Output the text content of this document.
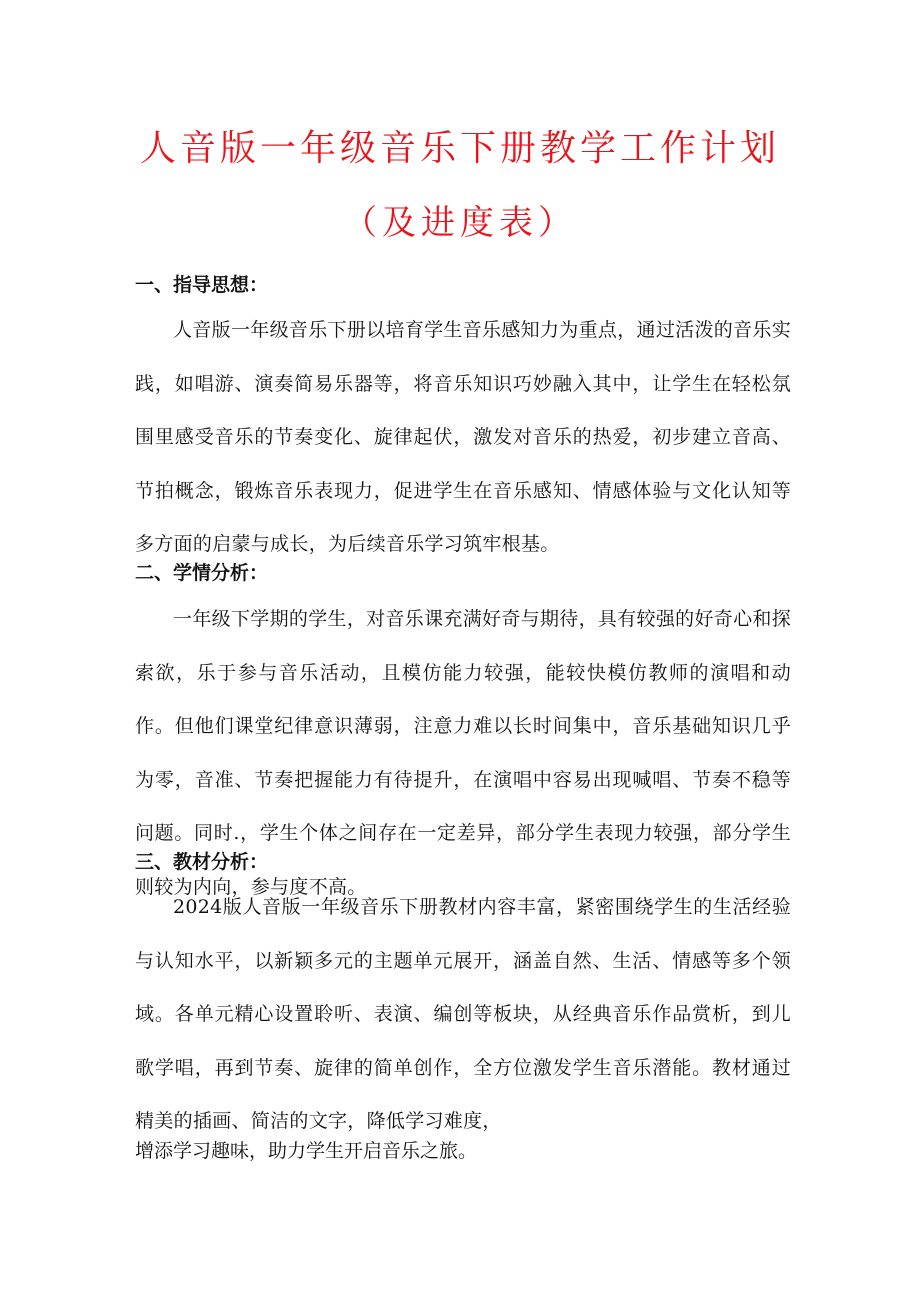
人音版一年级音乐下册教学工作计划
（及进度表）
一、指导思想：

人音版一年级音乐下册以培育学生音乐感知力为重点，通过活泼的音乐实践，如唱游、演奏简易乐器等，将音乐知识巧妙融入其中，让学生在轻松氛围里感受音乐的节奏变化、旋律起伏，激发对音乐的热爱，初步建立音高、节拍概念，锻炼音乐表现力，促进学生在音乐感知、情感体验与文化认知等多方面的启蒙与成长，为后续音乐学习筑牢根基。

二、学情分析：

一年级下学期的学生，对音乐课充满好奇与期待，具有较强的好奇心和探索欲，乐于参与音乐活动，且模仿能力较强，能较快模仿教师的演唱和动作。但他们课堂纪律意识薄弱，注意力难以长时间集中，音乐基础知识几乎为零，音准、节奏把握能力有待提升，在演唱中容易出现喊唱、节奏不稳等问题。同时.，学生个体之间存在一定差异，部分学生表现力较强，部分学生则较为内向，参与度不高。

三、教材分析：

2024版人音版一年级音乐下册教材内容丰富，紧密围绕学生的生活经验与认知水平，以新颖多元的主题单元展开，涵盖自然、生活、情感等多个领域。各单元精心设置聆听、表演、编创等板块，从经典音乐作品赏析，到儿歌学唱，再到节奏、旋律的简单创作，全方位激发学生音乐潜能。教材通过精美的插画、简洁的文字，降低学习难度，

增添学习趣味，助力学生开启音乐之旅。
